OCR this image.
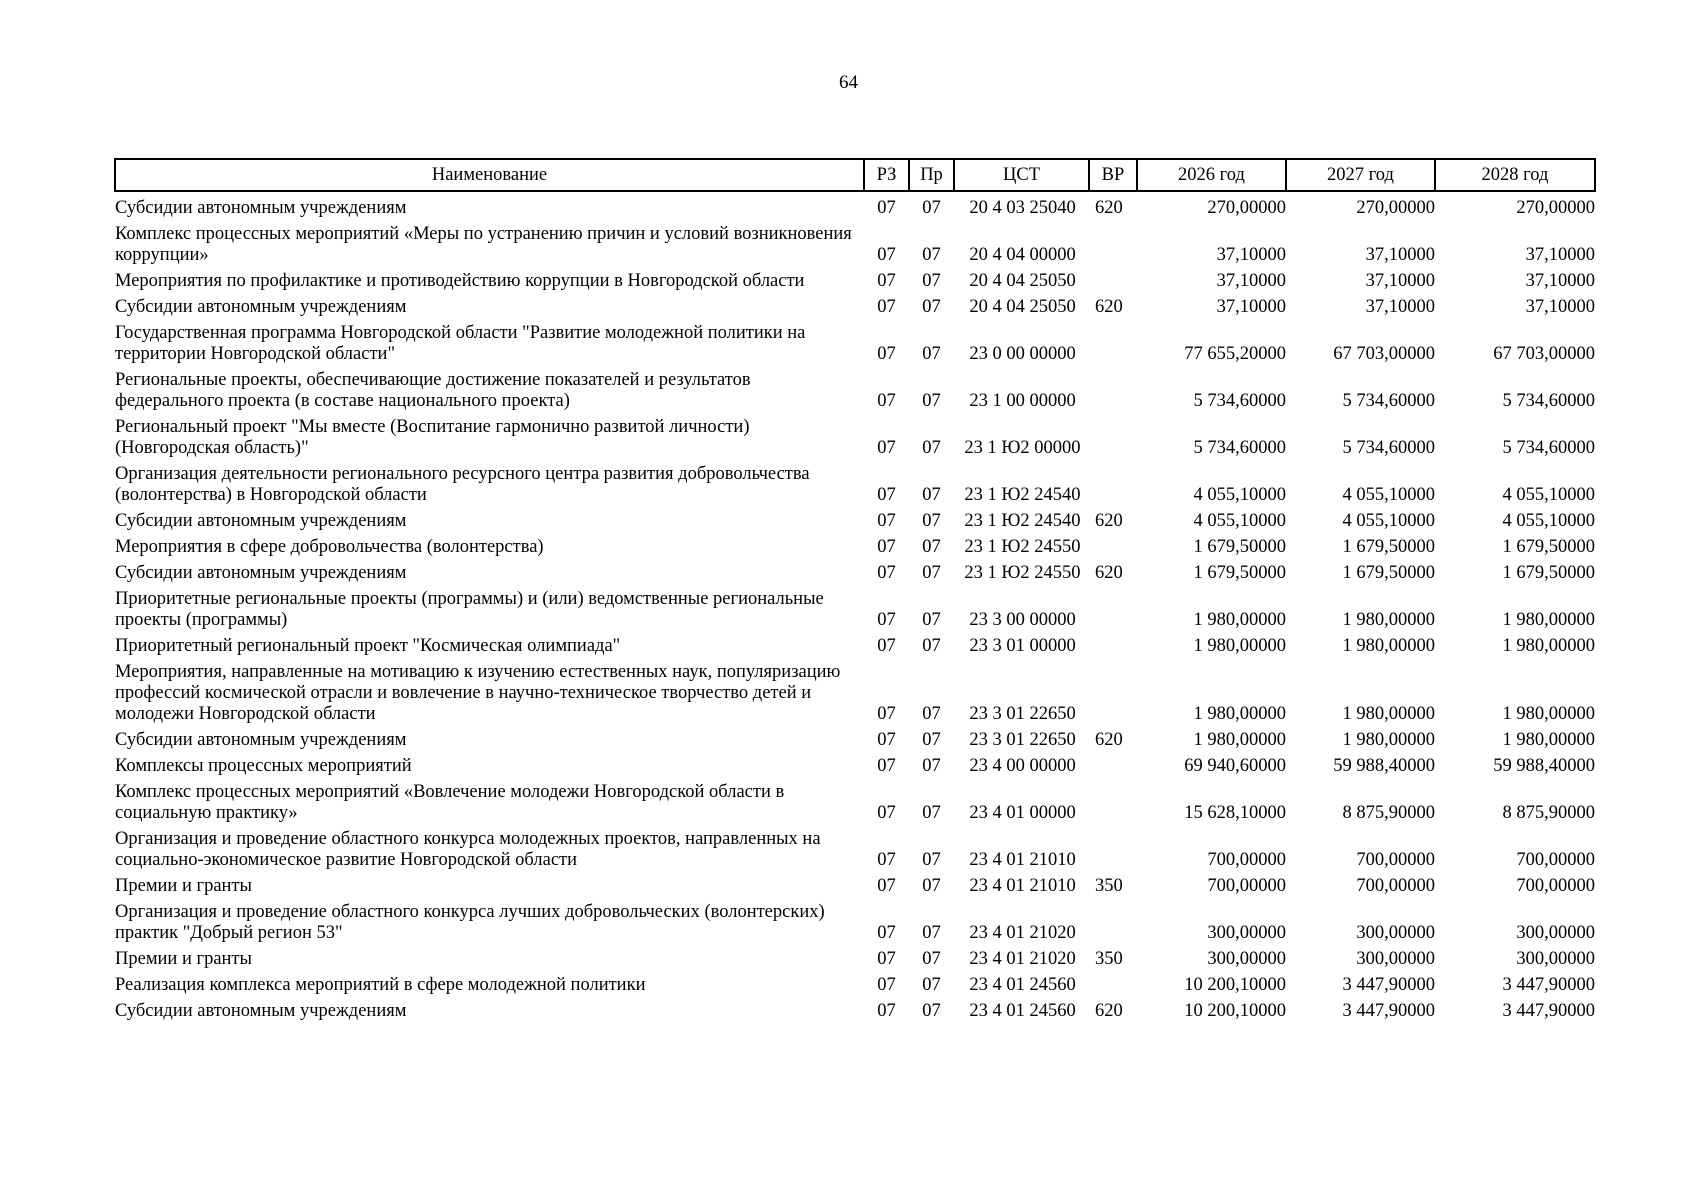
64
Наименование	РЗ	Пр	ЦСТ	ВР	2026 год	2027 год	2028 год
Субсидии автономным учреждениям	07	07	20 4 03 25040	620	270,00000	270,00000	270,00000
Комплекс процессных мероприятий «Меры по устранению причин и условий возникновения коррупции»	07	07	20 4 04 00000		37,10000	37,10000	37,10000
Мероприятия по профилактике и противодействию коррупции в Новгородской области	07	07	20 4 04 25050		37,10000	37,10000	37,10000
Субсидии автономным учреждениям	07	07	20 4 04 25050	620	37,10000	37,10000	37,10000
Государственная программа Новгородской области "Развитие молодежной политики на территории Новгородской области"	07	07	23 0 00 00000		77 655,20000	67 703,00000	67 703,00000
Региональные проекты, обеспечивающие достижение показателей и результатов федерального проекта (в составе национального проекта)	07	07	23 1 00 00000		5 734,60000	5 734,60000	5 734,60000
Региональный проект "Мы вместе (Воспитание гармонично развитой личности) (Новгородская область)"	07	07	23 1 Ю2 00000		5 734,60000	5 734,60000	5 734,60000
Организация деятельности регионального ресурсного центра развития добровольчества (волонтерства) в Новгородской области	07	07	23 1 Ю2 24540		4 055,10000	4 055,10000	4 055,10000
Субсидии автономным учреждениям	07	07	23 1 Ю2 24540	620	4 055,10000	4 055,10000	4 055,10000
Мероприятия в сфере добровольчества (волонтерства)	07	07	23 1 Ю2 24550		1 679,50000	1 679,50000	1 679,50000
Субсидии автономным учреждениям	07	07	23 1 Ю2 24550	620	1 679,50000	1 679,50000	1 679,50000
Приоритетные региональные проекты (программы) и (или) ведомственные региональные проекты (программы)	07	07	23 3 00 00000		1 980,00000	1 980,00000	1 980,00000
Приоритетный региональный проект "Космическая олимпиада"	07	07	23 3 01 00000		1 980,00000	1 980,00000	1 980,00000
Мероприятия, направленные на мотивацию к изучению естественных наук, популяризацию профессий космической отрасли и вовлечение в научно-техническое творчество детей и молодежи Новгородской области	07	07	23 3 01 22650		1 980,00000	1 980,00000	1 980,00000
Субсидии автономным учреждениям	07	07	23 3 01 22650	620	1 980,00000	1 980,00000	1 980,00000
Комплексы процессных мероприятий	07	07	23 4 00 00000		69 940,60000	59 988,40000	59 988,40000
Комплекс процессных мероприятий «Вовлечение молодежи Новгородской области в социальную практику»	07	07	23 4 01 00000		15 628,10000	8 875,90000	8 875,90000
Организация и проведение областного конкурса молодежных проектов, направленных на социально-экономическое развитие Новгородской области	07	07	23 4 01 21010		700,00000	700,00000	700,00000
Премии и гранты	07	07	23 4 01 21010	350	700,00000	700,00000	700,00000
Организация и проведение областного конкурса лучших добровольческих (волонтерских) практик "Добрый регион 53"	07	07	23 4 01 21020		300,00000	300,00000	300,00000
Премии и гранты	07	07	23 4 01 21020	350	300,00000	300,00000	300,00000
Реализация комплекса мероприятий в сфере молодежной политики	07	07	23 4 01 24560		10 200,10000	3 447,90000	3 447,90000
Субсидии автономным учреждениям	07	07	23 4 01 24560	620	10 200,10000	3 447,90000	3 447,90000
